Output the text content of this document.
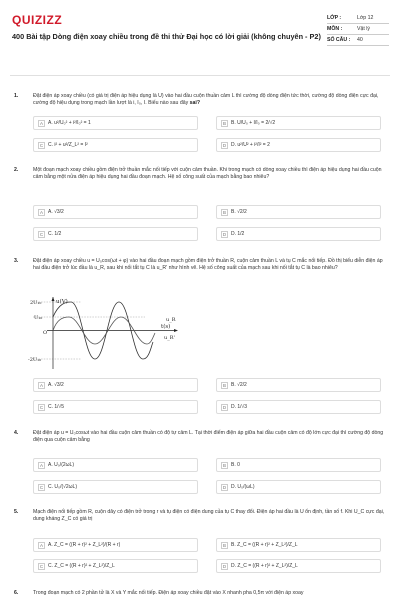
QUIZIZZ
400 Bài tập Dòng điện xoay chiều trong đề thi thử Đại học có lời giải (không chuyên - P2)
LỚP :	Lớp 12
MÔN :	Vật lý
SỐ CÂU :	40
1.	Đặt điện áp xoay chiều (có giá trị điện áp hiệu dụng là U) vào hai đầu cuộn thuần cảm L thì cường độ dòng điện tức thời, cường độ dòng điện cực đại, cường độ hiệu dụng trong mạch lần lượt là i, I₀, I. Biểu nào sau đây sai?
A	A. u²/U₀² + i²/I₀² = 1	B	B. U/U₀ + I/I₀ = 2/√2
C C. i² + u²/Z_L² = I²	D D. u²/U² + i²/I² = 2
2.	Một đoạn mạch xoay chiều gồm điện trở thuần mắc nối tiếp với cuộn cảm thuần. Khi trong mạch có dòng xoay chiều thì điện áp hiệu dụng hai đầu cuộn cảm bằng một nửa điện áp hiệu dụng hai đầu đoạn mạch. Hệ số công suất của mạch bằng bao nhiêu?
A	A. √3/2	B	B. √2/2
C C. 1/2	D D. 1/2
3.	Đặt điện áp xoay chiều u = U₀cos(ωt + φ) vào hai đầu đoạn mạch gồm điện trở thuần R, cuộn cảm thuần L và tụ C mắc nối tiếp. Đồ thị biểu diễn điện áp hai đầu điện trở lúc đầu là u_R, sau khi nối tắt tụ C là u_R' như hình vẽ. Hệ số công suất của mạch sau khi nối tắt tụ C là bao nhiêu?
u(V)
t(s)
2U₁₀
U₁₀
O
-2U₁₀
u_R
u_R'
A	A. √3/2	B	B. √2/2
C C. 1/√5	D D. 1/√3
4.	Đặt điện áp u = U₀cosωt vào hai đầu cuộn cảm thuần có độ tự cảm L. Tại thời điểm điện áp giữa hai đầu cuộn cảm có độ lớn cực đại thì cường độ dòng điện qua cuộn cảm bằng
A	A. U₀/(2ωL)	B	B. 0
C C. U₀/(√2ωL)	D D. U₀/(ωL)
5.	Mạch điện nối tiếp gồm R, cuộn dây có điện trở trong r và tụ điện có điện dung của tụ C thay đổi. Điện áp hai đầu là U ổn định, tần số f. Khi U_C cực đại, dung kháng Z_C có giá trị
A	A. Z_C = ((R + r)² + Z_L²)/(R + r)	B	B. Z_C = ((R + r)² + Z_L²)/Z_L
C C. Z_C = ((R + r)² + Z_L²)/Z_L	D D. Z_C = ((R + r)² + Z_L²)/Z_L
6.	Trong đoạn mạch có 2 phần tử là X và Y mắc nối tiếp. Điện áp xoay chiều đặt vào X nhanh pha 0,5π với điện áp xoay
